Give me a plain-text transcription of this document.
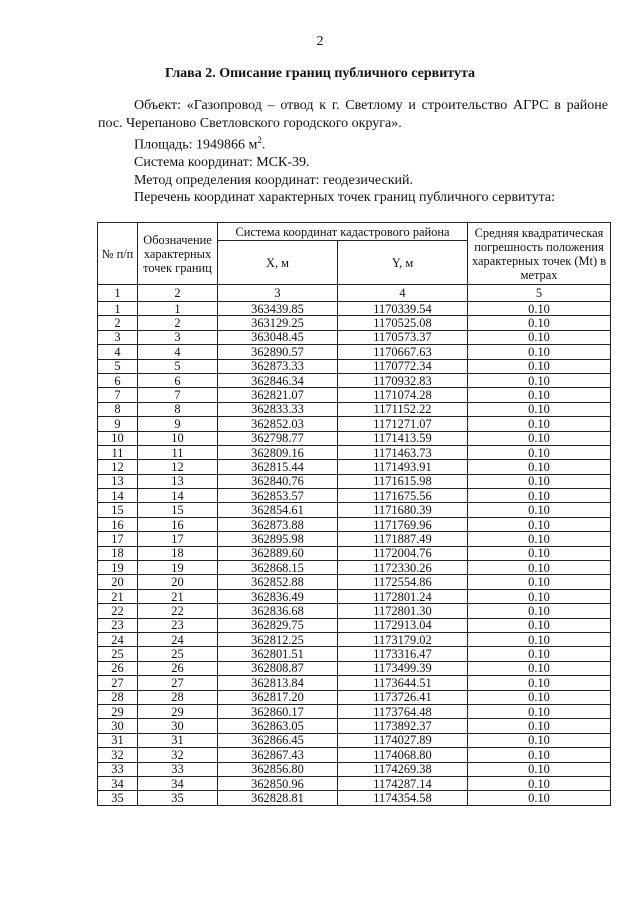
2
Глава 2. Описание границ публичного сервитута

Объект: «Газопровод – отвод к г. Светлому и строительство АГРС в районе пос. Черепаново Светловского городского округа».

Площадь: 1949866 $м^2$.

Система координат: МСК-39.

Метод определения координат: геодезический.

Перечень координат характерных точек границ публичного сервитута:

№ п/п	Обозначение характерных точек границ	Система координат кадастрового района		Средняя квадратическая погрешность положения характерных точек (Mt) в метрах
		X, м	Y, м	
1	2	3	4	5
1	1	363439.85	1170339.54	0.10
2	2	363129.25	1170525.08	0.10
3	3	363048.45	1170573.37	0.10
4	4	362890.57	1170667.63	0.10
5	5	362873.33	1170772.34	0.10
6	6	362846.34	1170932.83	0.10
7	7	362821.07	1171074.28	0.10
8	8	362833.33	1171152.22	0.10
9	9	362852.03	1171271.07	0.10
10	10	362798.77	1171413.59	0.10
11	11	362809.16	1171463.73	0.10
12	12	362815.44	1171493.91	0.10
13	13	362840.76	1171615.98	0.10
14	14	362853.57	1171675.56	0.10
15	15	362854.61	1171680.39	0.10
16	16	362873.88	1171769.96	0.10
17	17	362895.98	1171887.49	0.10
18	18	362889.60	1172004.76	0.10
19	19	362868.15	1172330.26	0.10
20	20	362852.88	1172554.86	0.10
21	21	362836.49	1172801.24	0.10
22	22	362836.68	1172801.30	0.10
23	23	362829.75	1172913.04	0.10
24	24	362812.25	1173179.02	0.10
25	25	362801.51	1173316.47	0.10
26	26	362808.87	1173499.39	0.10
27	27	362813.84	1173644.51	0.10
28	28	362817.20	1173726.41	0.10
29	29	362860.17	1173764.48	0.10
30	30	362863.05	1173892.37	0.10
31	31	362866.45	1174027.89	0.10
32	32	362867.43	1174068.80	0.10
33	33	362856.80	1174269.38	0.10
34	34	362850.96	1174287.14	0.10
35	35	362828.81	1174354.58	0.10
